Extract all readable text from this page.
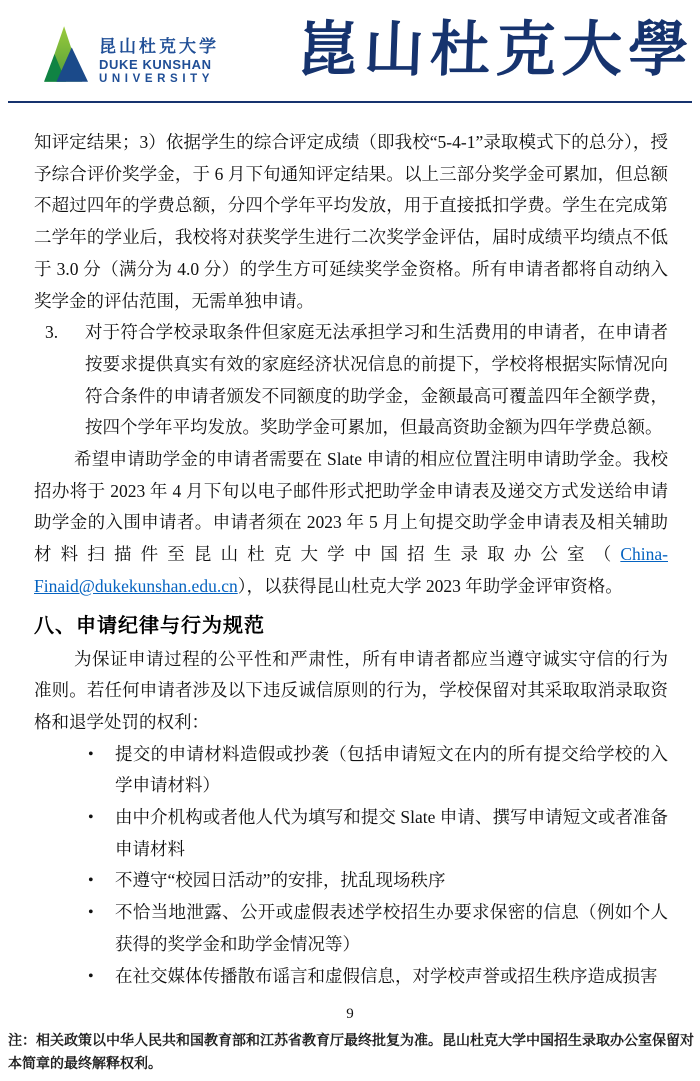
昆山杜克大学
DUKE KUNSHAN
UNIVERSITY 崑山杜克大學

知评定结果；3）依据学生的综合评定成绩（即我校“5-4-1”录取模式下的总分），授予综合评价奖学金，于 6 月下旬通知评定结果。以上三部分奖学金可累加，但总额不超过四年的学费总额，分四个学年平均发放，用于直接抵扣学费。学生在完成第二学年的学业后，我校将对获奖学生进行二次奖学金评估，届时成绩平均绩点不低于 3.0 分（满分为 4.0 分）的学生方可延续奖学金资格。所有申请者都将自动纳入奖学金的评估范围，无需单独申请。

3.	对于符合学校录取条件但家庭无法承担学习和生活费用的申请者，在申请者按要求提供真实有效的家庭经济状况信息的前提下，学校将根据实际情况向符合条件的申请者颁发不同额度的助学金，金额最高可覆盖四年全额学费，按四个学年平均发放。奖助学金可累加，但最高资助金额为四年学费总额。

希望申请助学金的申请者需要在 Slate 申请的相应位置注明申请助学金。我校招办将于 2023 年 4 月下旬以电子邮件形式把助学金申请表及递交方式发送给申请助学金的入围申请者。申请者须在 2023 年 5 月上旬提交助学金申请表及相关辅助材料扫描件至昆山杜克大学中国招生录取办公室（China-Finaid@dukekunshan.edu.cn），以获得昆山杜克大学 2023 年助学金评审资格。

八、申请纪律与行为规范

为保证申请过程的公平性和严肃性，所有申请者都应当遵守诚实守信的行为准则。若任何申请者涉及以下违反诚信原则的行为，学校保留对其采取取消录取资格和退学处罚的权利：

•	提交的申请材料造假或抄袭（包括申请短文在内的所有提交给学校的入学申请材料）
•	由中介机构或者他人代为填写和提交 Slate 申请、撰写申请短文或者准备申请材料
•	不遵守“校园日活动”的安排，扰乱现场秩序
•	不恰当地泄露、公开或虚假表述学校招生办要求保密的信息（例如个人获得的奖学金和助学金情况等）
•	在社交媒体传播散布谣言和虚假信息，对学校声誉或招生秩序造成损害
9
注：相关政策以中华人民共和国教育部和江苏省教育厅最终批复为准。昆山杜克大学中国招生录取办公室保留对本简章的最终解释权利。
